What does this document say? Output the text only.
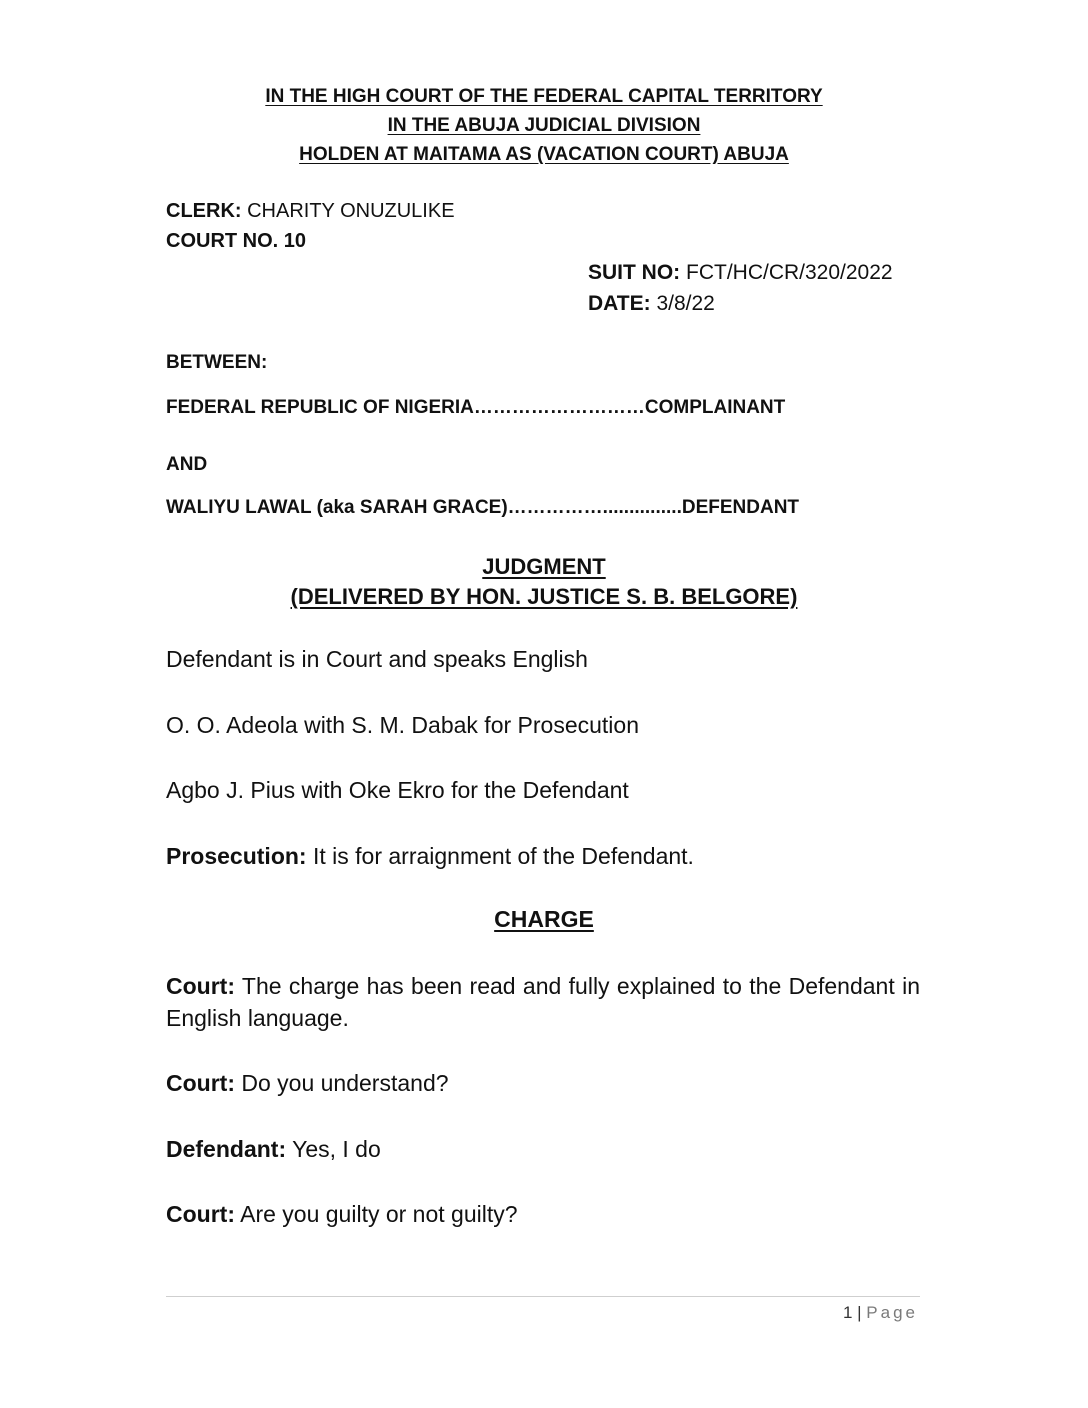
IN THE HIGH COURT OF THE FEDERAL CAPITAL TERRITORY

IN THE ABUJA JUDICIAL DIVISION

HOLDEN AT MAITAMA AS (VACATION COURT) ABUJA

CLERK: CHARITY ONUZULIKE

COURT NO. 10

SUIT NO: FCT/HC/CR/320/2022

DATE: 3/8/22

BETWEEN:

FEDERAL REPUBLIC OF NIGERIA………………………COMPLAINANT

AND

WALIYU LAWAL (aka SARAH GRACE)……………...............DEFENDANT

JUDGMENT

(DELIVERED BY HON. JUSTICE S. B. BELGORE)

Defendant is in Court and speaks English

O. O. Adeola with S. M. Dabak for Prosecution

Agbo J. Pius with Oke Ekro for the Defendant

Prosecution: It is for arraignment of the Defendant.

CHARGE

Court: The charge has been read and fully explained to the Defendant in English language.

Court: Do you understand?

Defendant: Yes, I do

Court: Are you guilty or not guilty?

1 | Page
